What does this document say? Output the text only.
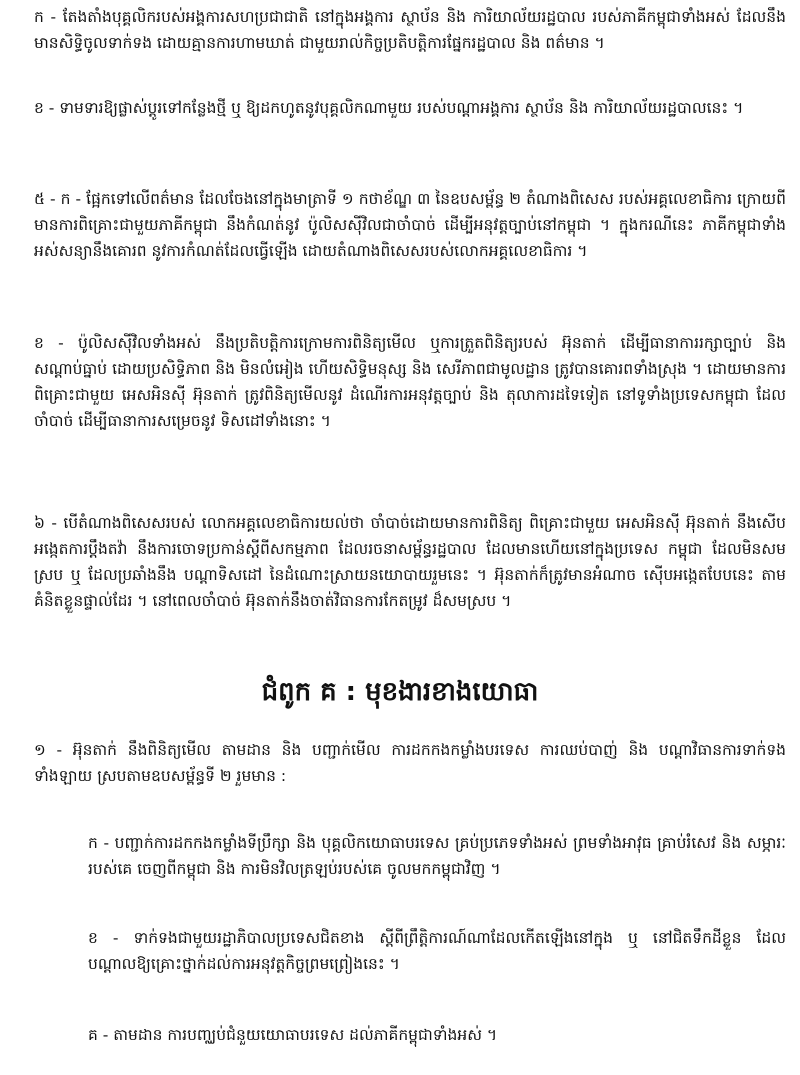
ក - តែងតាំងបុគ្គលិករបស់អង្គការសហប្រជាជាតិ នៅក្នុងអង្គការ ស្ថាប័ន និង ការិយាល័យរដ្ឋបាល របស់ភាគីកម្ពុជាទាំងអស់ ដែលនឹងមានសិទ្ធិចូលទាក់ទង ដោយគ្មានការហាមឃាត់ ជាមួយរាល់កិច្ចប្រតិបត្តិការផ្នែករដ្ឋបាល និង ពត៌មាន ។

ខ - ទាមទារឱ្យផ្លាស់ប្តូរទៅកន្លែងថ្មី ឬ ឱ្យដកហូតនូវបុគ្គលិកណាមួយ របស់បណ្តាអង្គការ ស្ថាប័ន និង ការិយាល័យរដ្ឋបាលនេះ ។

៥ - ក - ផ្អែកទៅលើពត៌មាន ដែលចែងនៅក្នុងមាត្រាទី ១ កថាខ័ណ្ឌ ៣ នៃឧបសម្ព័ន្ធ ២ តំណាងពិសេស របស់អគ្គលេខាធិការ ក្រោយពីមានការពិគ្រោះជាមួយភាគីកម្ពុជា នឹងកំណត់នូវ ប៉ូលិសស៊ីវិលជាចាំបាច់ ដើម្បីអនុវត្តច្បាប់នៅកម្ពុជា ។ ក្នុងករណីនេះ ភាគីកម្ពុជាទាំងអស់សន្យានឹងគោរព នូវការកំណត់ដែលធ្វើឡើង ដោយតំណាងពិសេសរបស់លោកអគ្គលេខាធិការ ។

ខ - ប៉ូលិសស៊ីវិលទាំងអស់ នឹងប្រតិបត្តិការក្រោមការពិនិត្យមើល ឬការត្រួតពិនិត្យរបស់ អ៊ុនតាក់ ដើម្បីធានាការរក្សាច្បាប់ និង សណ្តាប់ធ្នាប់ ដោយប្រសិទ្ធិភាព និង មិនលំអៀង ហើយសិទ្ធិមនុស្ស និង សេរីភាពជាមូលដ្ឋាន ត្រូវបានគោរពទាំងស្រុង ។ ដោយមានការពិគ្រោះជាមួយ អេសអិនស៊ី អ៊ុនតាក់ ត្រូវពិនិត្យមើលនូវ ដំណើរការអនុវត្តច្បាប់ និង តុលាការដទៃទៀត នៅទូទាំងប្រទេសកម្ពុជា ដែលចាំបាច់ ដើម្បីធានាការសម្រេចនូវ ទិសដៅទាំងនោះ ។

៦ - បើតំណាងពិសេសរបស់ លោកអគ្គលេខាធិការយល់ថា ចាំបាច់ដោយមានការពិនិត្យ ពិគ្រោះជាមួយ អេសអិនស៊ី អ៊ុនតាក់ នឹងសើបអង្កេតការប្តឹងតវ៉ា នឹងការចោទប្រកាន់ស្តីពីសកម្មភាព ដែលរចនាសម្ព័ន្ធរដ្ឋបាល ដែលមានហើយនៅក្នុងប្រទេស កម្ពុជា ដែលមិនសមស្រប ឬ ដែលប្រឆាំងនឹង បណ្តាទិសដៅ នៃដំណោះស្រាយនយោបាយរួមនេះ ។ អ៊ុនតាក់ក៏ត្រូវមានអំណាច ស៊ើបអង្កេតបែបនេះ តាមគំនិតខ្លួនផ្ទាល់ដែរ ។ នៅពេលចាំបាច់ អ៊ុនតាក់នឹងចាត់វិធានការកែតម្រូវ ដ៏សមស្រប ។

ជំពូក គ : មុខងារខាងយោធា

១ - អ៊ុនតាក់ នឹងពិនិត្យមើល តាមដាន និង បញ្ជាក់មើល ការដកកងកម្លាំងបរទេស ការឈប់បាញ់ និង បណ្តាវិធានការទាក់ទងទាំងឡាយ ស្របតាមឧបសម្ព័ន្ធទី ២ រួមមាន :

ក - បញ្ជាក់ការដកកងកម្លាំងទីប្រឹក្សា និង បុគ្គលិកយោធាបរទេស គ្រប់ប្រភេទទាំងអស់ ព្រមទាំងអាវុធ គ្រាប់រំសេវ និង សម្ភារៈរបស់គេ ចេញពីកម្ពុជា និង ការមិនវិលត្រឡប់របស់គេ ចូលមកកម្ពុជាវិញ ។

ខ - ទាក់ទងជាមួយរដ្ឋាភិបាលប្រទេសជិតខាង ស្តីពីព្រឹត្តិការណ៍ណាដែលកើតឡើងនៅក្នុង ឬ នៅជិតទឹកដីខ្លួន ដែលបណ្តាលឱ្យគ្រោះថ្នាក់ដល់ការអនុវត្តកិច្ចព្រមព្រៀងនេះ ។

គ - តាមដាន ការបញ្ឈប់ជំនួយយោធាបរទេស ដល់ភាគីកម្ពុជាទាំងអស់ ។
